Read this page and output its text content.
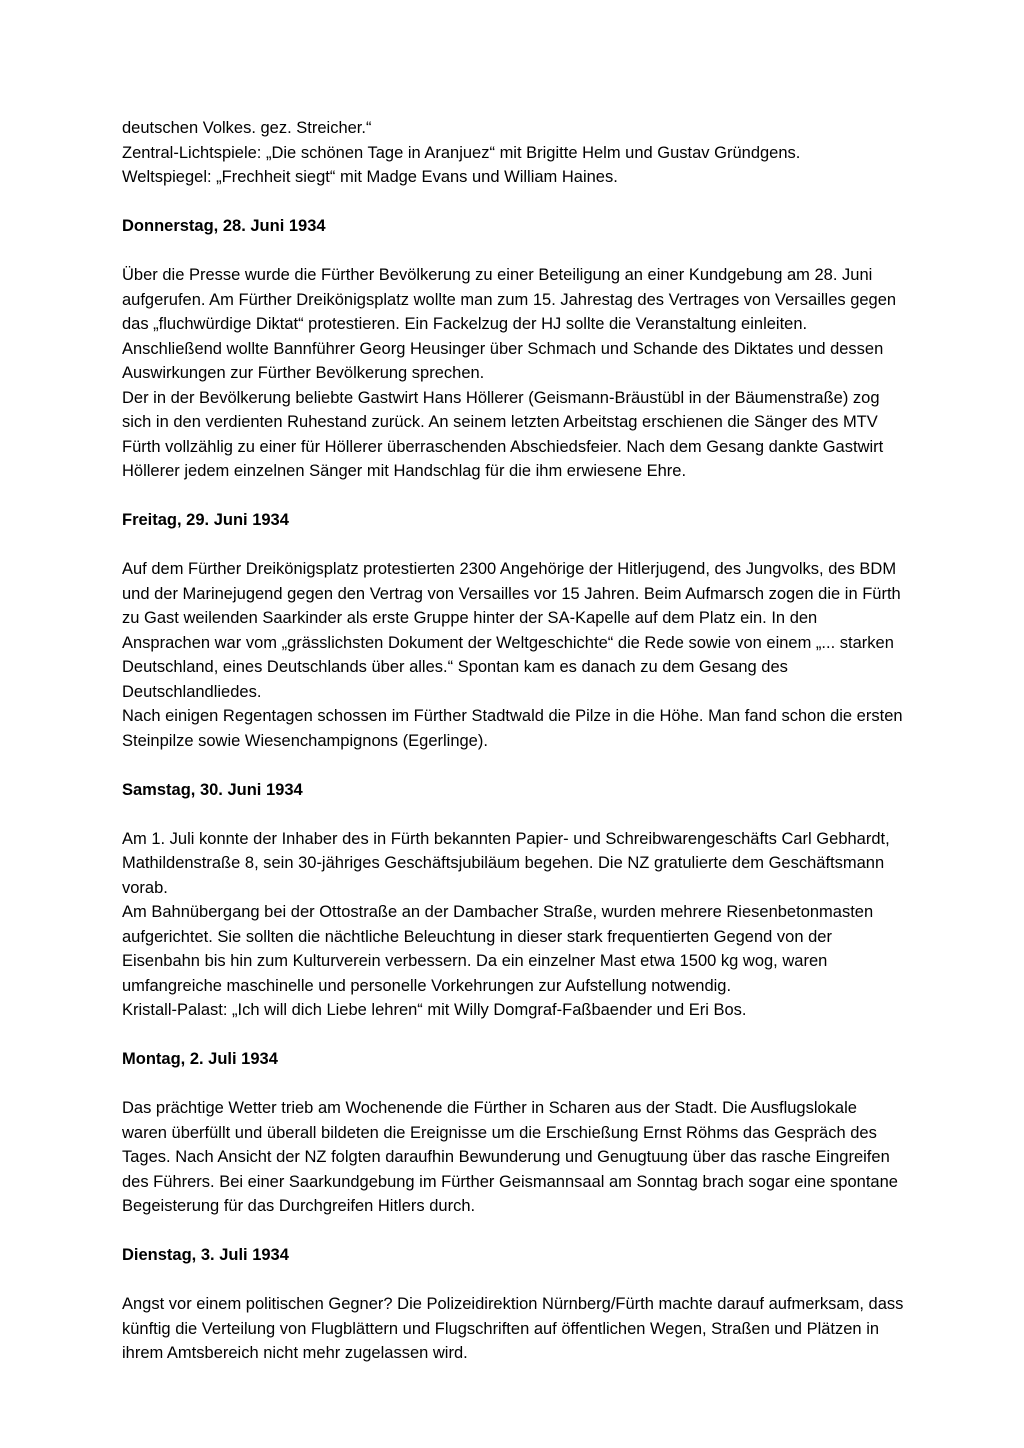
deutschen Volkes. gez. Streicher.“

Zentral-Lichtspiele: „Die schönen Tage in Aranjuez“ mit Brigitte Helm und Gustav Gründgens.

Weltspiegel: „Frechheit siegt“ mit Madge Evans und William Haines.

Donnerstag, 28. Juni 1934

Über die Presse wurde die Fürther Bevölkerung zu einer Beteiligung an einer Kundgebung am 28. Juni aufgerufen. Am Fürther Dreikönigsplatz wollte man zum 15. Jahrestag des Vertrages von Versailles gegen das „fluchwürdige Diktat“ protestieren. Ein Fackelzug der HJ sollte die Veranstaltung einleiten. Anschließend wollte Bannführer Georg Heusinger über Schmach und Schande des Diktates und dessen Auswirkungen zur Fürther Bevölkerung sprechen.

Der in der Bevölkerung beliebte Gastwirt Hans Höllerer (Geismann-Bräustübl in der Bäumenstraße) zog sich in den verdienten Ruhestand zurück. An seinem letzten Arbeitstag erschienen die Sänger des MTV Fürth vollzählig zu einer für Höllerer überraschenden Abschiedsfeier. Nach dem Gesang dankte Gastwirt Höllerer jedem einzelnen Sänger mit Handschlag für die ihm erwiesene Ehre.

Freitag, 29. Juni 1934

Auf dem Fürther Dreikönigsplatz protestierten 2300 Angehörige der Hitlerjugend, des Jungvolks, des BDM und der Marinejugend gegen den Vertrag von Versailles vor 15 Jahren. Beim Aufmarsch zogen die in Fürth zu Gast weilenden Saarkinder als erste Gruppe hinter der SA-Kapelle auf dem Platz ein. In den Ansprachen war vom „grässlichsten Dokument der Weltgeschichte“ die Rede sowie von einem „... starken Deutschland, eines Deutschlands über alles.“ Spontan kam es danach zu dem Gesang des Deutschlandliedes.

Nach einigen Regentagen schossen im Fürther Stadtwald die Pilze in die Höhe. Man fand schon die ersten Steinpilze sowie Wiesenchampignons (Egerlinge).

Samstag, 30. Juni 1934

Am 1. Juli konnte der Inhaber des in Fürth bekannten Papier- und Schreibwarengeschäfts Carl Gebhardt, Mathildenstraße 8, sein 30-jähriges Geschäftsjubiläum begehen. Die NZ gratulierte dem Geschäftsmann vorab.

Am Bahnübergang bei der Ottostraße an der Dambacher Straße, wurden mehrere Riesenbetonmasten aufgerichtet. Sie sollten die nächtliche Beleuchtung in dieser stark frequentierten Gegend von der Eisenbahn bis hin zum Kulturverein verbessern. Da ein einzelner Mast etwa 1500 kg wog, waren umfangreiche maschinelle und personelle Vorkehrungen zur Aufstellung notwendig.

Kristall-Palast: „Ich will dich Liebe lehren“ mit Willy Domgraf-Faßbaender und Eri Bos.

Montag, 2. Juli 1934

Das prächtige Wetter trieb am Wochenende die Fürther in Scharen aus der Stadt. Die Ausflugslokale waren überfüllt und überall bildeten die Ereignisse um die Erschießung Ernst Röhms das Gespräch des Tages. Nach Ansicht der NZ folgten daraufhin Bewunderung und Genugtuung über das rasche Eingreifen des Führers. Bei einer Saarkundgebung im Fürther Geismannsaal am Sonntag brach sogar eine spontane Begeisterung für das Durchgreifen Hitlers durch.

Dienstag, 3. Juli 1934

Angst vor einem politischen Gegner? Die Polizeidirektion Nürnberg/Fürth machte darauf aufmerksam, dass künftig die Verteilung von Flugblättern und Flugschriften auf öffentlichen Wegen, Straßen und Plätzen in ihrem Amtsbereich nicht mehr zugelassen wird.
